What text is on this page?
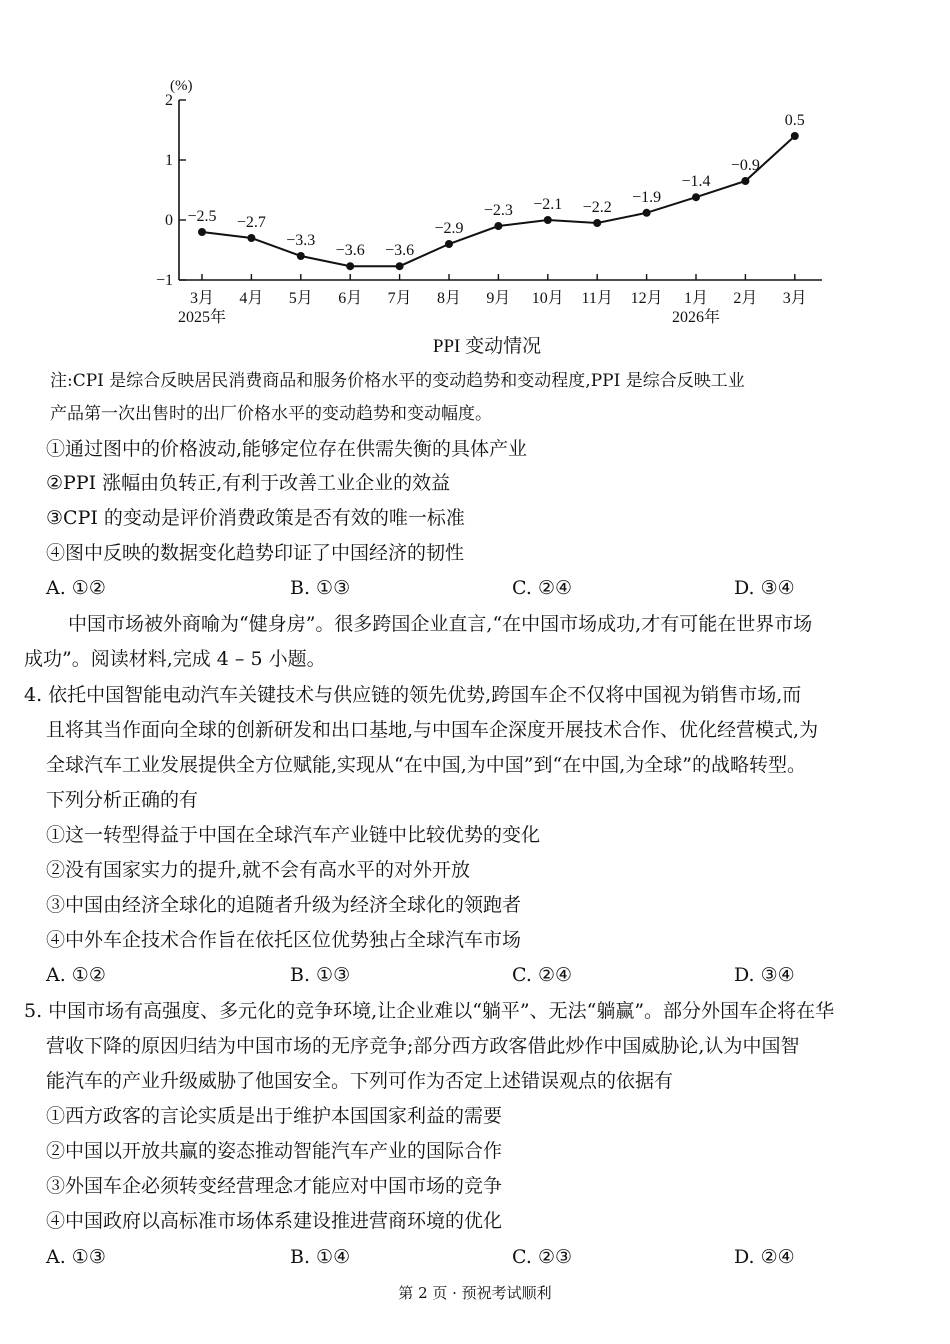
(%)
2
1
0
−1
3月 4月 5月 6月 7月 8月 9月 10月 11月 12月 1月 2月 3月
−2.5 −2.7
−3.3
−3.6 −3.6
−2.9
−2.3 −2.1 −2.2
−1.9
−1.4
−0.9
0.5
2025年	2026年
PPI 变动情况
注:CPI 是综合反映居民消费商品和服务价格水平的变动趋势和变动程度,PPI 是综合反映工业
产品第一次出售时的出厂价格水平的变动趋势和变动幅度。
①通过图中的价格波动,能够定位存在供需失衡的具体产业
②PPI 涨幅由负转正,有利于改善工业企业的效益
③CPI 的变动是评价消费政策是否有效的唯一标准
④图中反映的数据变化趋势印证了中国经济的韧性
A. ①②	B. ①③	C. ②④	D. ③④
中国市场被外商喻为“健身房”。很多跨国企业直言,“在中国市场成功,才有可能在世界市场
成功”。阅读材料,完成 4 – 5 小题。
4. 依托中国智能电动汽车关键技术与供应链的领先优势,跨国车企不仅将中国视为销售市场,而
且将其当作面向全球的创新研发和出口基地,与中国车企深度开展技术合作、优化经营模式,为
全球汽车工业发展提供全方位赋能,实现从“在中国,为中国”到“在中国,为全球”的战略转型。
下列分析正确的有
①这一转型得益于中国在全球汽车产业链中比较优势的变化
②没有国家实力的提升,就不会有高水平的对外开放
③中国由经济全球化的追随者升级为经济全球化的领跑者
④中外车企技术合作旨在依托区位优势独占全球汽车市场
A. ①②	B. ①③	C. ②④	D. ③④
5. 中国市场有高强度、多元化的竞争环境,让企业难以“躺平”、无法“躺赢”。部分外国车企将在华
营收下降的原因归结为中国市场的无序竞争;部分西方政客借此炒作中国威胁论,认为中国智
能汽车的产业升级威胁了他国安全。下列可作为否定上述错误观点的依据有
①西方政客的言论实质是出于维护本国国家利益的需要
②中国以开放共赢的姿态推动智能汽车产业的国际合作
③外国车企必须转变经营理念才能应对中国市场的竞争
④中国政府以高标准市场体系建设推进营商环境的优化
A. ①③	B. ①④	C. ②③	D. ②④
第 2 页 · 预祝考试顺利
